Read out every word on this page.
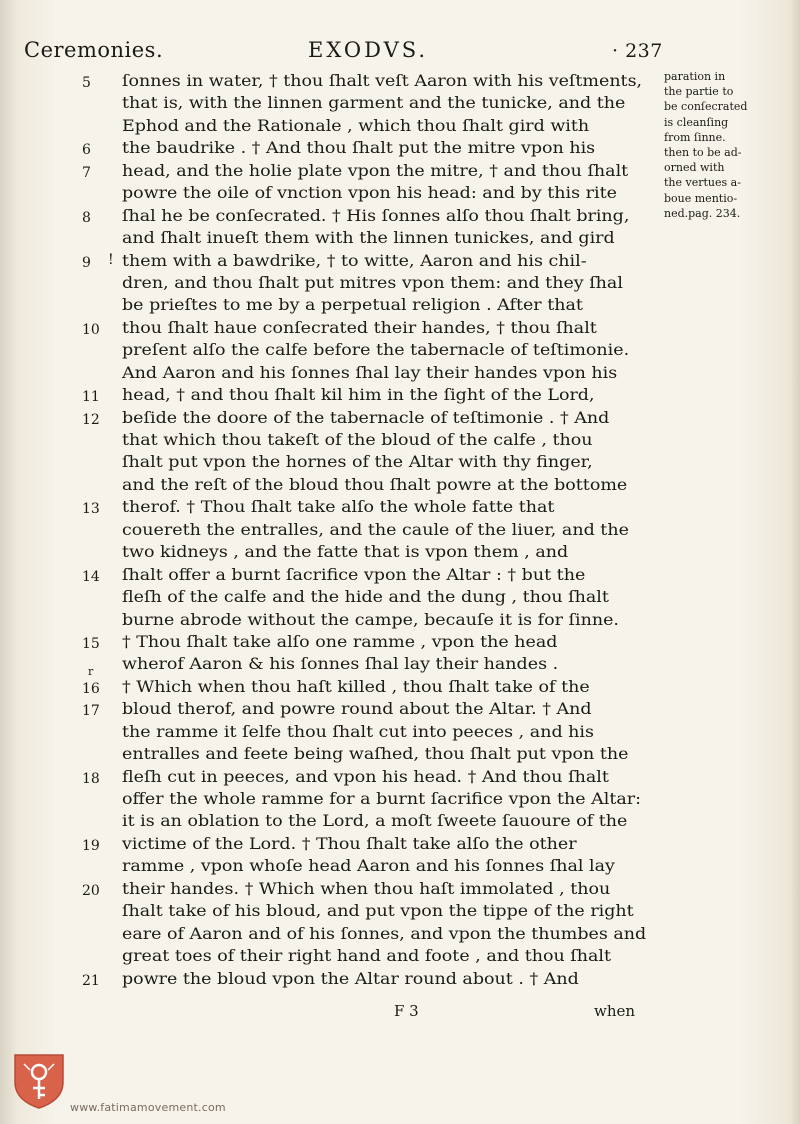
Ceremonies.	EXODVS.	· 237
5	ſonnes in water, † thou ſhalt veſt Aaron with his veſtments,
that is, with the linnen garment and the tunicke, and the
Ephod and the Rationale , which thou ſhalt gird with
6	the baudrike . † And thou ſhalt put the mitre vpon his
7	head, and the holie plate vpon the mitre, † and thou ſhalt
powre the oile of vnction vpon his head: and by this rite
8	ſhal he be conſecrated. † His ſonnes alſo thou ſhalt bring,
and ſhalt inueſt them with the linnen tunickes, and gird
9	them with a bawdrike, † to witte, Aaron and his chil-
dren, and thou ſhalt put mitres vpon them: and they ſhal
be prieſtes to me by a perpetual religion . After that
10	thou ſhalt haue conſecrated their handes, † thou ſhalt
preſent alſo the calfe before the tabernacle of teſtimonie.
And Aaron and his ſonnes ſhal lay their handes vpon his
11	head, † and thou ſhalt kil him in the ſight of the Lord,
12	beſide the doore of the tabernacle of teſtimonie . † And
that which thou takeſt of the bloud of the calfe , thou
ſhalt put vpon the hornes of the Altar with thy finger,
and the reſt of the bloud thou ſhalt powre at the bottome
13	therof. † Thou ſhalt take alſo the whole fatte that
couereth the entralles, and the caule of the liuer, and the
two kidneys , and the fatte that is vpon them , and
14	ſhalt offer a burnt ſacrifice vpon the Altar : † but the
fleſh of the calfe and the hide and the dung , thou ſhalt
burne abrode without the campe, becauſe it is for ſinne.
15	† Thou ſhalt take alſo one ramme , vpon the head
wherof Aaron & his ſonnes ſhal lay their handes .
16	† Which when thou haſt killed , thou ſhalt take of the
17	bloud therof, and powre round about the Altar. † And
the ramme it ſelfe thou ſhalt cut into peeces , and his
entralles and feete being waſhed, thou ſhalt put vpon the
18	fleſh cut in peeces, and vpon his head. † And thou ſhalt
offer the whole ramme for a burnt ſacrifice vpon the Altar:
it is an oblation to the Lord, a moſt ſweete ſauoure of the
19	victime of the Lord. † Thou ſhalt take alſo the other
ramme , vpon whoſe head Aaron and his ſonnes ſhal lay
20	their handes. † Which when thou haſt immolated , thou
ſhalt take of his bloud, and put vpon the tippe of the right
eare of Aaron and of his ſonnes, and vpon the thumbes and
great toes of their right hand and foote , and thou ſhalt
21	powre the bloud vpon the Altar round about . † And
paration in
the partie to
be conſecrated
is cleanſing
from ſinne.
then to be ad-
orned with
the vertues a-
boue mentio-
ned.pag. 234.
!
r
F 3	when
www.fatimamovement.com
